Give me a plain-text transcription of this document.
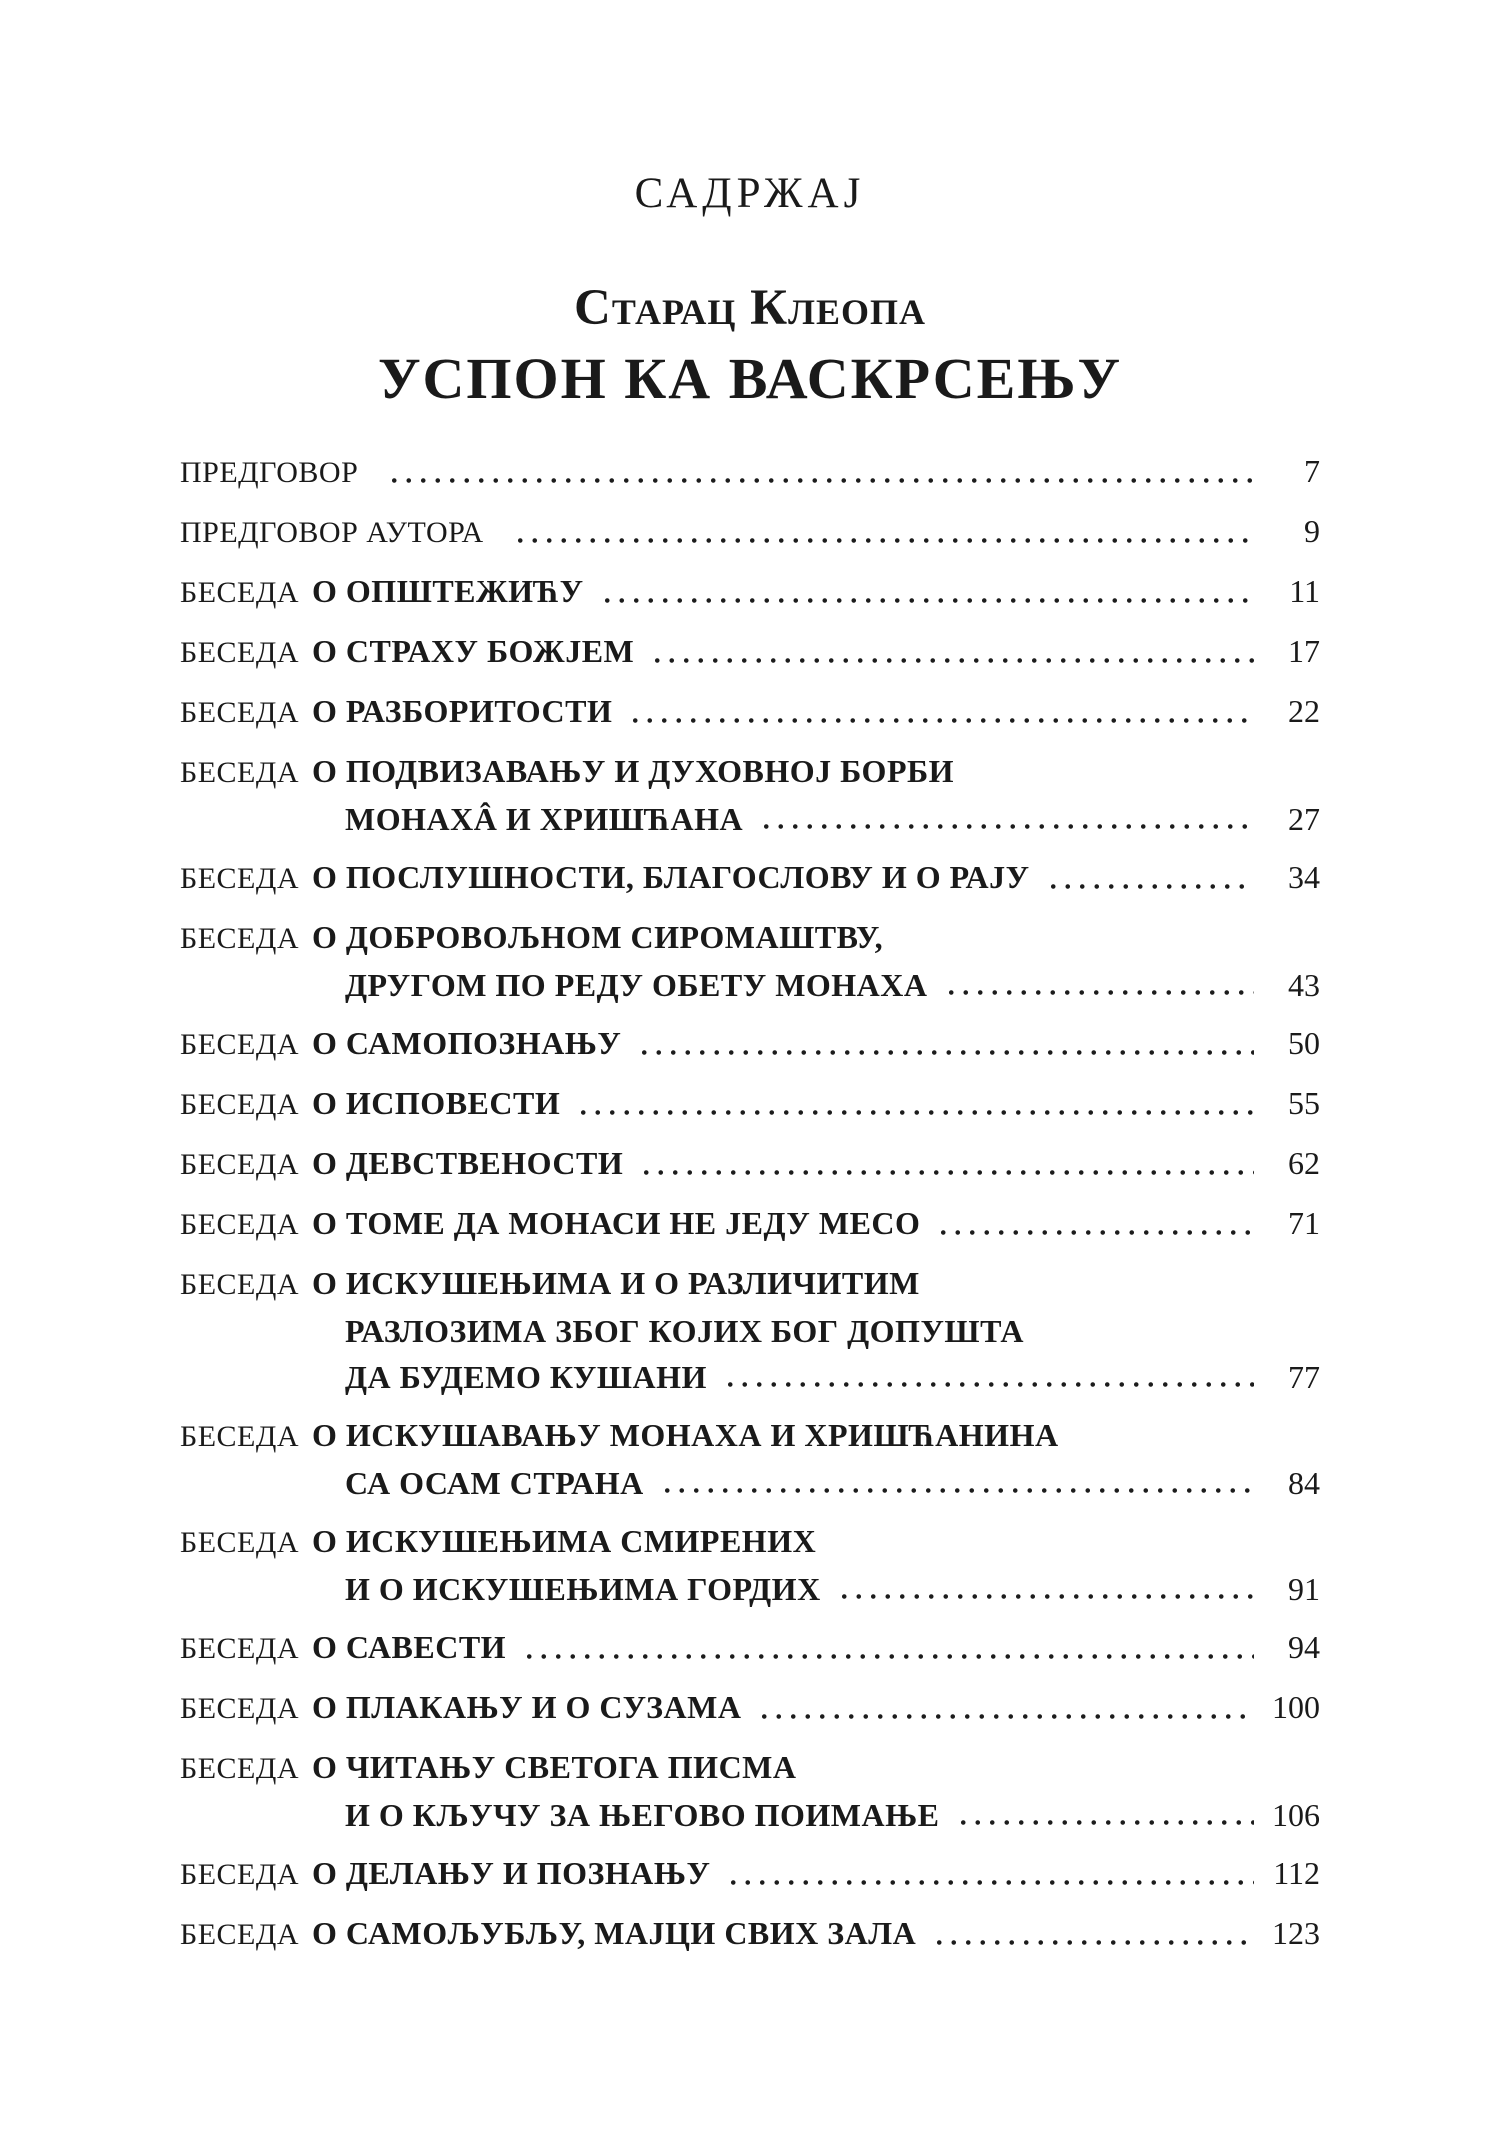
САДРЖАЈ
Старац Клеопа
УСПОН КА ВАСКРСЕЊУ
ПРЕДГОВОР	7
ПРЕДГОВОР АУТОРА	9
БЕСЕДА О ОПШТЕЖИЋУ	11
БЕСЕДА О СТРАХУ БОЖЈЕМ	17
БЕСЕДА О РАЗБОРИТОСТИ	22
БЕСЕДА О ПОДВИЗАВАЊУ И ДУХОВНОЈ БОРБИ
МОНАХÂ И ХРИШЋАНА	27
БЕСЕДА О ПОСЛУШНОСТИ, БЛАГОСЛОВУ И О РАЈУ	34
БЕСЕДА О ДОБРОВОЉНОМ СИРОМАШТВУ,
ДРУГОМ ПО РЕДУ ОБЕТУ МОНАХА	43
БЕСЕДА О САМОПОЗНАЊУ	50
БЕСЕДА О ИСПОВЕСТИ	55
БЕСЕДА О ДЕВСТВЕНОСТИ	62
БЕСЕДА О ТОМЕ ДА МОНАСИ НЕ ЈЕДУ МЕСО	71
БЕСЕДА О ИСКУШЕЊИМА И О РАЗЛИЧИТИМ
РАЗЛОЗИМА ЗБОГ КОЈИХ БОГ ДОПУШТА
ДА БУДЕМО КУШАНИ	77
БЕСЕДА О ИСКУШАВАЊУ МОНАХА И ХРИШЋАНИНА
СА ОСАМ СТРАНА	84
БЕСЕДА О ИСКУШЕЊИМА СМИРЕНИХ
И О ИСКУШЕЊИМА ГОРДИХ	91
БЕСЕДА О САВЕСТИ	94
БЕСЕДА О ПЛАКАЊУ И О СУЗАМА	100
БЕСЕДА О ЧИТАЊУ СВЕТОГА ПИСМА
И О КЉУЧУ ЗА ЊЕГОВО ПОИМАЊЕ	106
БЕСЕДА О ДЕЛАЊУ И ПОЗНАЊУ	112
БЕСЕДА О САМОЉУБЉУ, МАЈЦИ СВИХ ЗАЛА	123
